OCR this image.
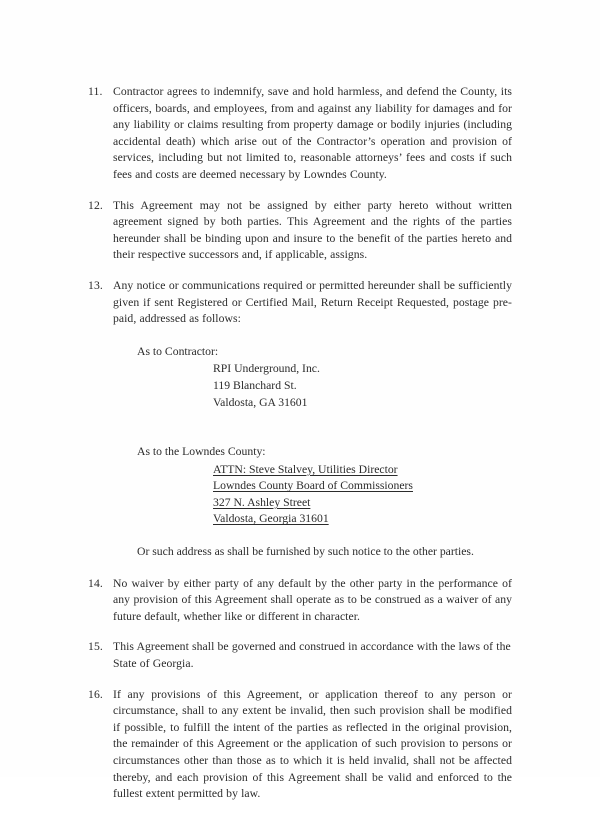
11. Contractor agrees to indemnify, save and hold harmless, and defend the County, its officers, boards, and employees, from and against any liability for damages and for any liability or claims resulting from property damage or bodily injuries (including accidental death) which arise out of the Contractor’s operation and provision of services, including but not limited to, reasonable attorneys’ fees and costs if such fees and costs are deemed necessary by Lowndes County.
12. This Agreement may not be assigned by either party hereto without written agreement signed by both parties. This Agreement and the rights of the parties hereunder shall be binding upon and insure to the benefit of the parties hereto and their respective successors and, if applicable, assigns.
13. Any notice or communications required or permitted hereunder shall be sufficiently given if sent Registered or Certified Mail, Return Receipt Requested, postage pre-paid, addressed as follows:
As to Contractor:
RPI Underground, Inc.
119 Blanchard St.
Valdosta, GA 31601
As to the Lowndes County:
ATTN: Steve Stalvey, Utilities Director
Lowndes County Board of Commissioners
327 N. Ashley Street
Valdosta, Georgia 31601
Or such address as shall be furnished by such notice to the other parties.
14. No waiver by either party of any default by the other party in the performance of any provision of this Agreement shall operate as to be construed as a waiver of any future default, whether like or different in character.
15. This Agreement shall be governed and construed in accordance with the laws of the State of Georgia.
16. If any provisions of this Agreement, or application thereof to any person or circumstance, shall to any extent be invalid, then such provision shall be modified if possible, to fulfill the intent of the parties as reflected in the original provision, the remainder of this Agreement or the application of such provision to persons or circumstances other than those as to which it is held invalid, shall not be affected thereby, and each provision of this Agreement shall be valid and enforced to the fullest extent permitted by law.
